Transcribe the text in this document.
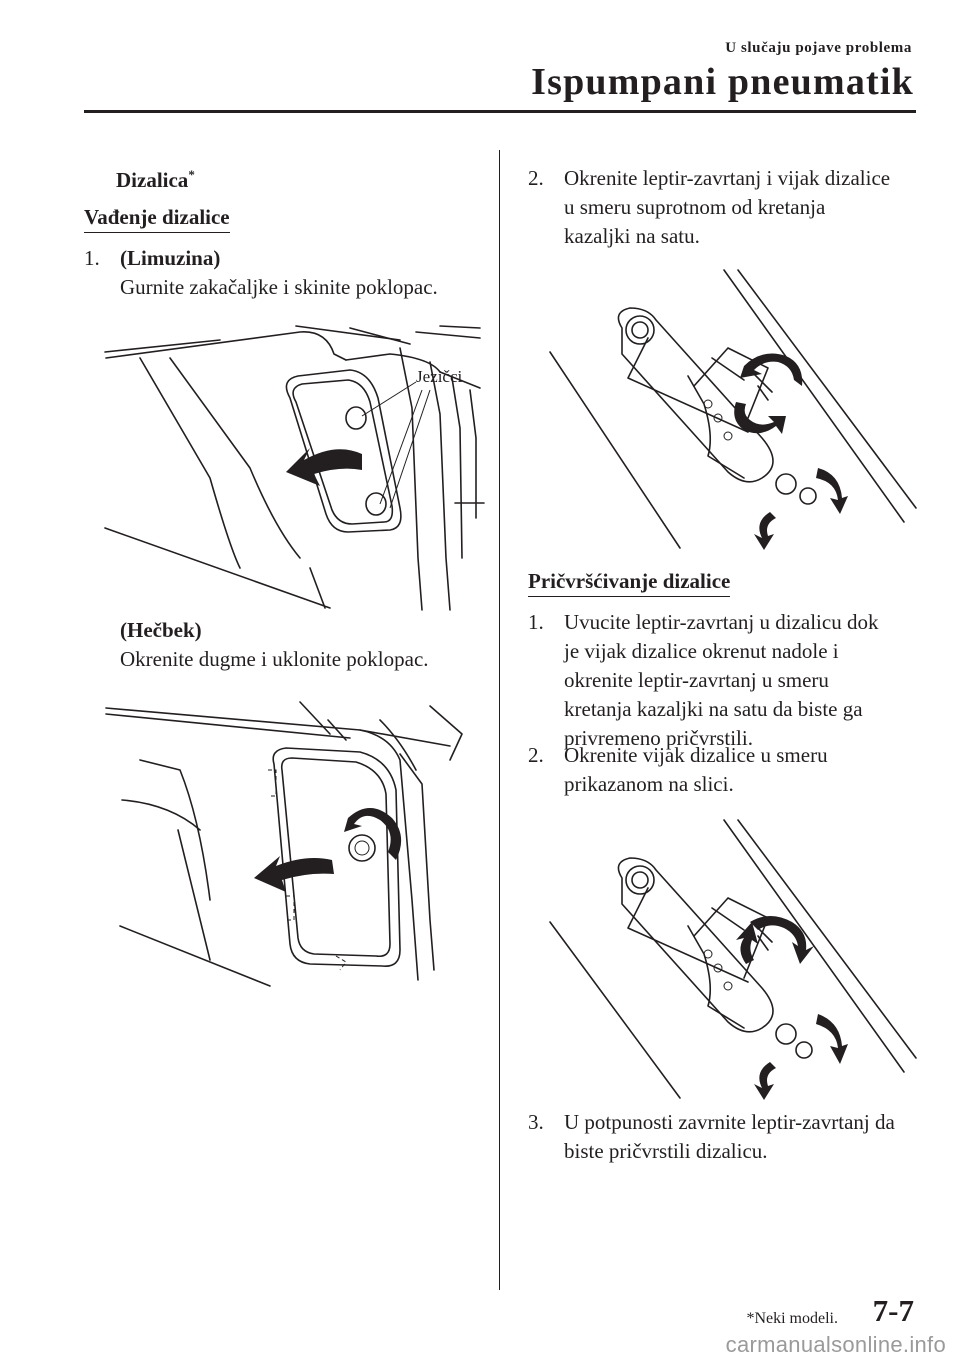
U slučaju pojave problema
Ispumpani pneumatik
Dizalica*
Vađenje dizalice
1. (Limuzina)
Gurnite zakačaljke i skinite poklopac.
Jezičci
(Hečbek)
Okrenite dugme i uklonite poklopac.
2. Okrenite leptir-zavrtanj i vijak dizalice
u smeru suprotnom od kretanja
kazaljki na satu.
Pričvršćivanje dizalice
1. Uvucite leptir-zavrtanj u dizalicu dok
je vijak dizalice okrenut nadole i
okrenite leptir-zavrtanj u smeru
kretanja kazaljki na satu da biste ga
privremeno pričvrstili.
2. Okrenite vijak dizalice u smeru
prikazanom na slici.
3. U potpunosti zavrnite leptir-zavrtanj da
biste pričvrstili dizalicu.
*Neki modeli. 7-7
carmanualsonline.info
